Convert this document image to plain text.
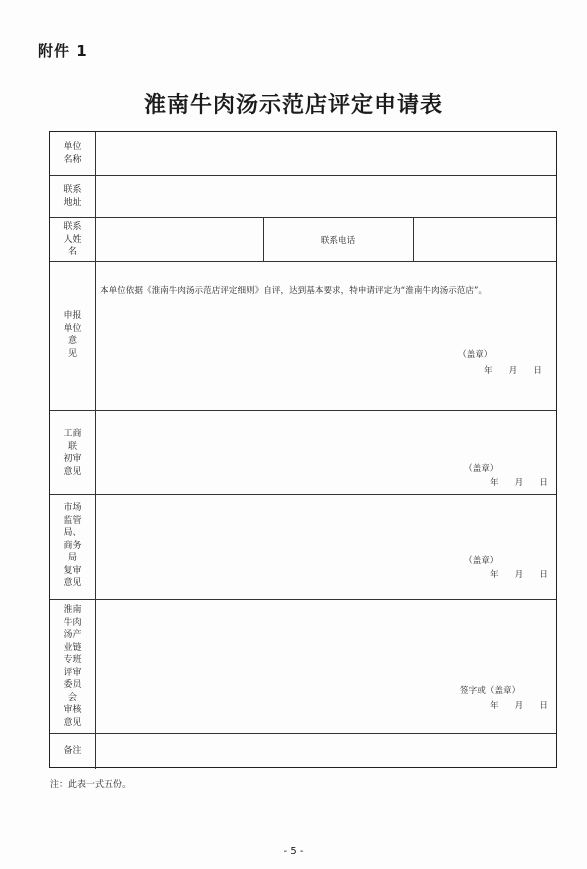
附件 1
淮南牛肉汤示范店评定申请表
单位
名称
联系
地址
联系
人姓
名
联系电话
申报
单位
意
见
工商
联
初审
意见
市场
监管
局、
商务
局
复审
意见
淮南
牛肉
汤产
业链
专班
评审
委员
会
审核
意见
备注
本单位依据《淮南牛肉汤示范店评定细则》自评，达到基本要求，特申请评定为“淮南牛肉汤示范店”。
（盖章）
年 月 日
（盖章）
年 月 日
（盖章）
年 月 日
签字或（盖章）
年 月 日
注：此表一式五份。
- 5 -
